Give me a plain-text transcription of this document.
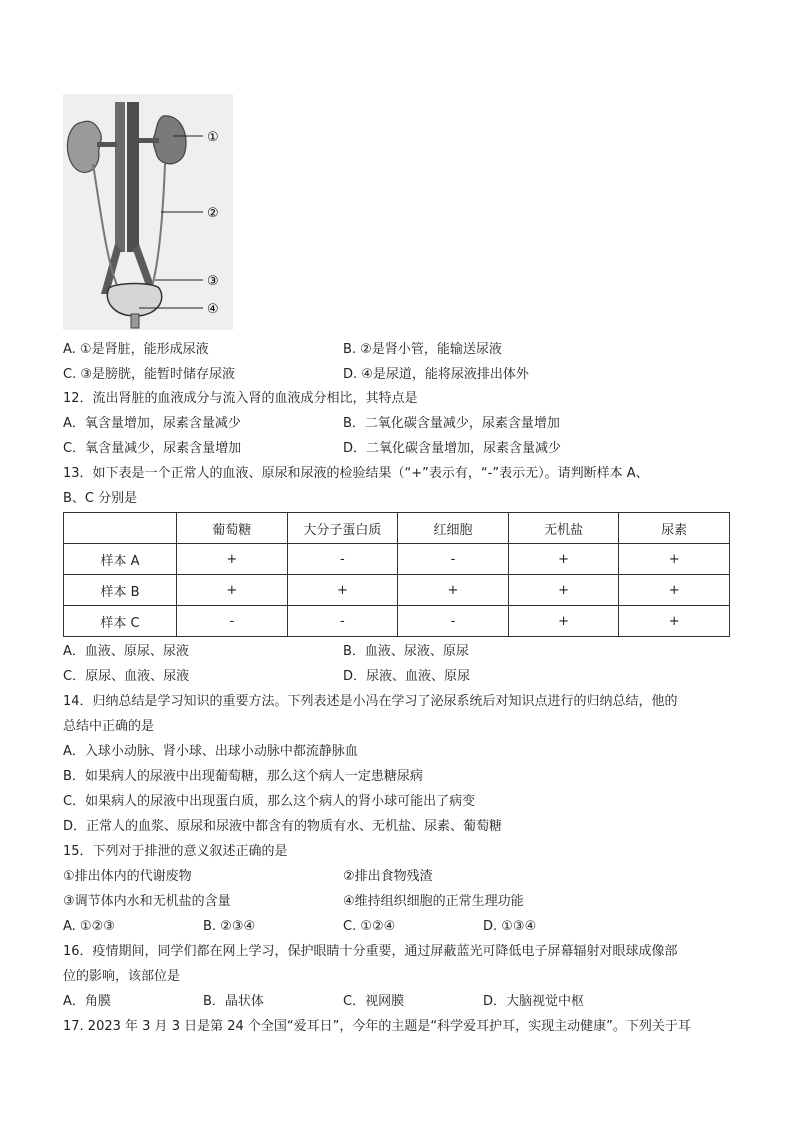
①
②
③
④
A. ①是肾脏，能形成尿液	B. ②是肾小管，能输送尿液
C. ③是膀胱，能暂时储存尿液	D. ④是尿道，能将尿液排出体外
12．流出肾脏的血液成分与流入肾的血液成分相比，其特点是
A．氧含量增加，尿素含量减少	B．二氧化碳含量减少，尿素含量增加
C．氧含量减少，尿素含量增加	D．二氧化碳含量增加，尿素含量减少
13．如下表是一个正常人的血液、原尿和尿液的检验结果（“+”表示有，“-”表示无）。请判断样本 A、
B、C 分别是
	葡萄糖	大分子蛋白质	红细胞	无机盐	尿素
样本 A	+	-	-	+	+
样本 B	+	+	+	+	+
样本 C	-	-	-	+	+
A．血液、原尿、尿液	B．血液、尿液、原尿
C．原尿、血液、尿液	D．尿液、血液、原尿
14．归纳总结是学习知识的重要方法。下列表述是小冯在学习了泌尿系统后对知识点进行的归纳总结，他的
总结中正确的是
A．入球小动脉、肾小球、出球小动脉中都流静脉血
B．如果病人的尿液中出现葡萄糖，那么这个病人一定患糖尿病
C．如果病人的尿液中出现蛋白质，那么这个病人的肾小球可能出了病变
D．正常人的血浆、原尿和尿液中都含有的物质有水、无机盐、尿素、葡萄糖
15．下列对于排泄的意义叙述正确的是
①排出体内的代谢废物	②排出食物残渣
③调节体内水和无机盐的含量	④维持组织细胞的正常生理功能
A. ①②③	B. ②③④	C. ①②④	D. ①③④
16．疫情期间，同学们都在网上学习，保护眼睛十分重要，通过屏蔽蓝光可降低电子屏幕辐射对眼球成像部
位的影响，该部位是
A．角膜	B．晶状体	C．视网膜	D．大脑视觉中枢
17. 2023 年 3 月 3 日是第 24 个全国“爱耳日”，今年的主题是“科学爱耳护耳，实现主动健康”。下列关于耳
